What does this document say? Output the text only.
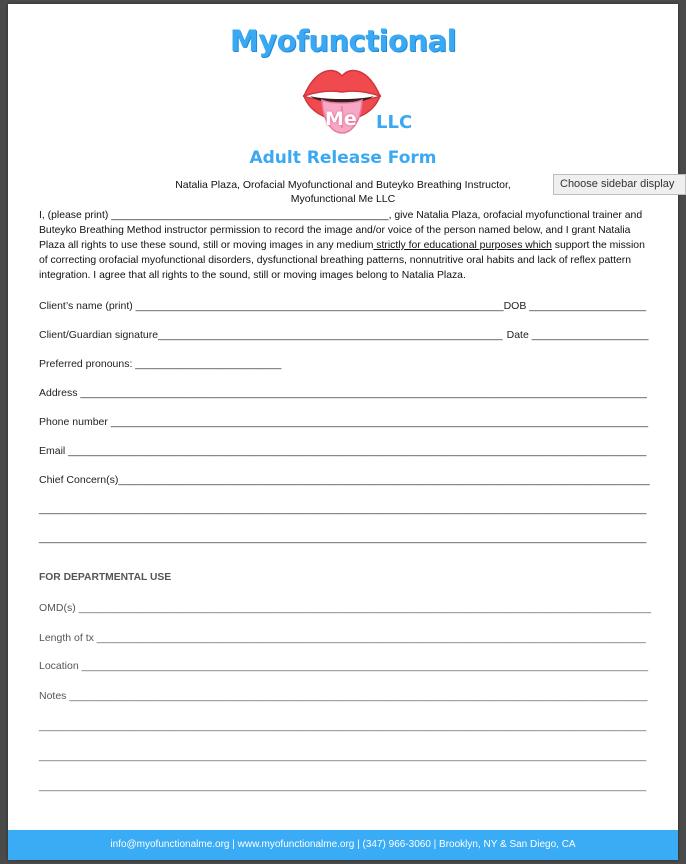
Myofunctional
Me LLC
Adult Release Form
Natalia Plaza, Orofacial Myofunctional and Buteyko Breathing Instructor,
Myofunctional Me LLC

I, (please print) ________________________________________________, give Natalia Plaza, orofacial myofunctional trainer and Buteyko Breathing Method instructor permission to record the image and/or voice of the person named below, and I grant Natalia Plaza all rights to use these sound, still or moving images in any medium strictly for educational purposes which support the mission of correcting orofacial myofunctional disorders, dysfunctional breathing patterns, nonnutritive oral habits and lack of reflex pattern integration. I agree that all rights to the sound, still or moving images belong to Natalia Plaza.

Client’s name (print) _______________________________________________________________DOB ____________________
Client/Guardian signature___________________________________________________________ Date ____________________
Preferred pronouns: _________________________
Address _________________________________________________________________________________________________
Phone number ____________________________________________________________________________________________
Email ___________________________________________________________________________________________________
Chief Concern(s)___________________________________________________________________________________________
________________________________________________________________________________________________________
________________________________________________________________________________________________________
FOR DEPARTMENTAL USE
OMD(s) __________________________________________________________________________________________________
Length of tx ______________________________________________________________________________________________
Location _________________________________________________________________________________________________
Notes ___________________________________________________________________________________________________
________________________________________________________________________________________________________
________________________________________________________________________________________________________
________________________________________________________________________________________________________
info@myofunctionalme.org | www.myofunctionalme.org | (347) 966-3060 | Brooklyn, NY & San Diego, CA
Choose sidebar display
